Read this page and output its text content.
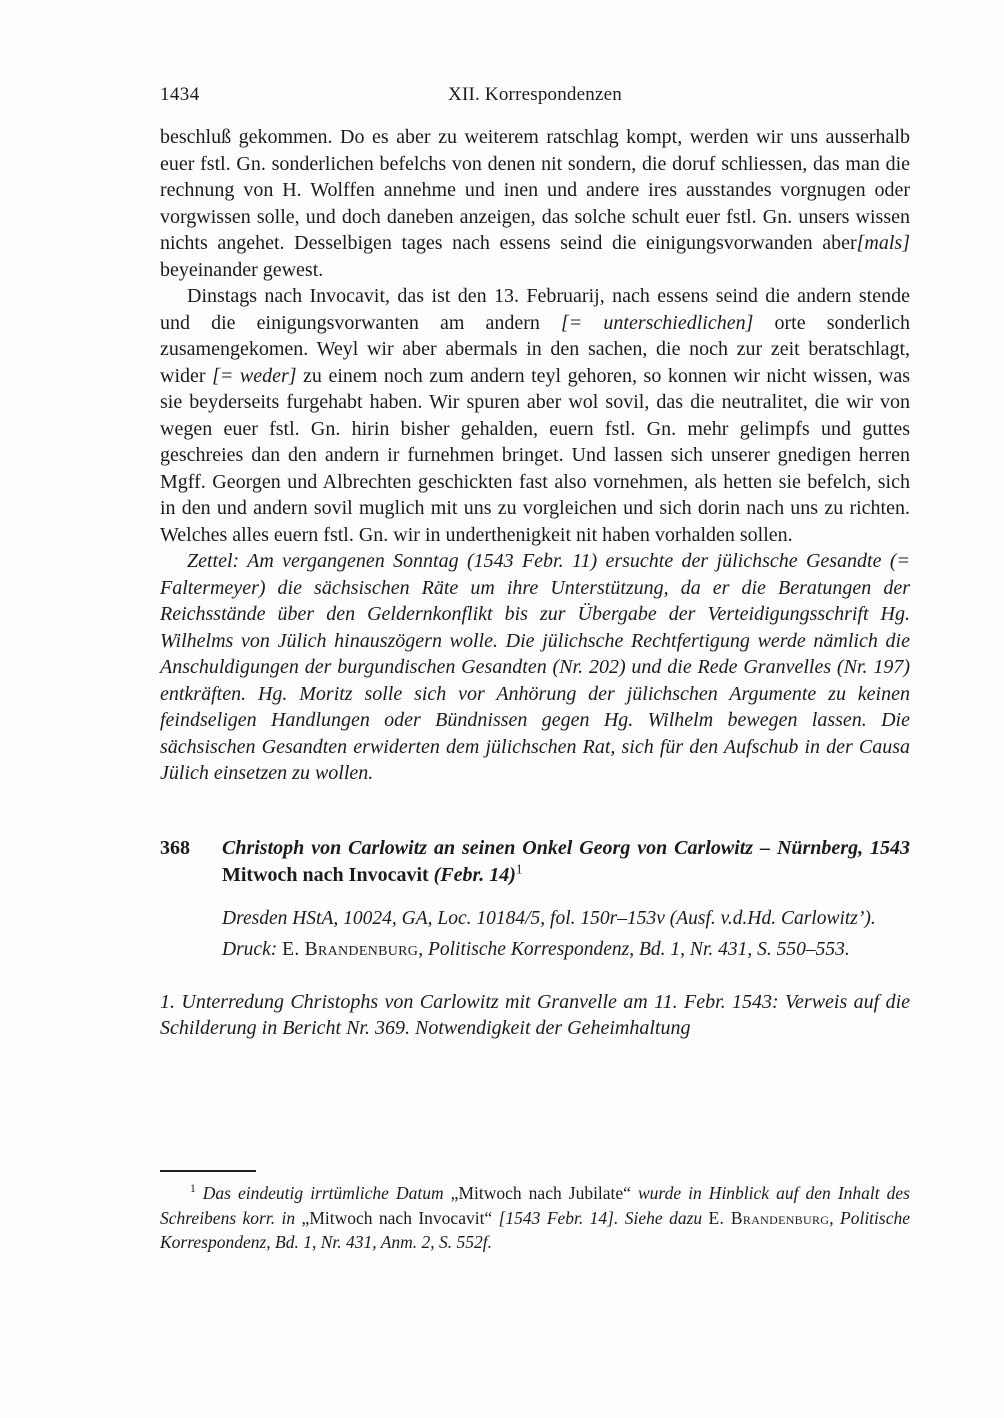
1434	XII. Korrespondenzen

beschluß gekommen. Do es aber zu weiterem ratschlag kompt, werden wir uns ausserhalb euer fstl. Gn. sonderlichen befelchs von denen nit sondern, die doruf schliessen, das man die rechnung von H. Wolffen annehme und inen und andere ires ausstandes vorgnugen oder vorgwissen solle, und doch daneben anzeigen, das solche schult euer fstl. Gn. unsers wissen nichts angehet. Desselbigen tages nach essens seind die einigungsvorwanden aber[mals] beyeinander gewest.

Dinstags nach Invocavit, das ist den 13. Februarij, nach essens seind die andern stende und die einigungsvorwanten am andern [= unterschiedlichen] orte sonderlich zusamengekomen. Weyl wir aber abermals in den sachen, die noch zur zeit beratschlagt, wider [= weder] zu einem noch zum andern teyl gehoren, so konnen wir nicht wissen, was sie beyderseits furgehabt haben. Wir spuren aber wol sovil, das die neutralitet, die wir von wegen euer fstl. Gn. hirin bisher gehalden, euern fstl. Gn. mehr gelimpfs und guttes geschreies dan den andern ir furnehmen bringet. Und lassen sich unserer gnedigen herren Mgff. Georgen und Albrechten geschickten fast also vornehmen, als hetten sie befelch, sich in den und andern sovil muglich mit uns zu vorgleichen und sich dorin nach uns zu richten. Welches alles euern fstl. Gn. wir in underthenigkeit nit haben vorhalden sollen.

Zettel: Am vergangenen Sonntag (1543 Febr. 11) ersuchte der jülichsche Gesandte (= Faltermeyer) die sächsischen Räte um ihre Unterstützung, da er die Beratungen der Reichsstände über den Geldernkonflikt bis zur Übergabe der Verteidigungsschrift Hg. Wilhelms von Jülich hinauszögern wolle. Die jülichsche Rechtfertigung werde nämlich die Anschuldigungen der burgundischen Gesandten (Nr. 202) und die Rede Granvelles (Nr. 197) entkräften. Hg. Moritz solle sich vor Anhörung der jülichschen Argumente zu keinen feindseligen Handlungen oder Bündnissen gegen Hg. Wilhelm bewegen lassen. Die sächsischen Gesandten erwiderten dem jülichschen Rat, sich für den Aufschub in der Causa Jülich einsetzen zu wollen.

368	Christoph von Carlowitz an seinen Onkel Georg von Carlowitz – Nürnberg, 1543 Mitwoch nach Invocavit (Febr. 14)$^1$

Dresden HStA, 10024, GA, Loc. 10184/5, fol. 150r–153v (Ausf. v.d.Hd. Carlowitz’).

Druck: E. Brandenburg, Politische Korrespondenz, Bd. 1, Nr. 431, S. 550–553.

1. Unterredung Christophs von Carlowitz mit Granvelle am 11. Febr. 1543: Verweis auf die Schilderung in Bericht Nr. 369. Notwendigkeit der Geheimhaltung

$^1$ Das eindeutig irrtümliche Datum „Mitwoch nach Jubilate“ wurde in Hinblick auf den Inhalt des Schreibens korr. in „Mitwoch nach Invocavit“ [1543 Febr. 14]. Siehe dazu E. Brandenburg, Politische Korrespondenz, Bd. 1, Nr. 431, Anm. 2, S. 552f.
